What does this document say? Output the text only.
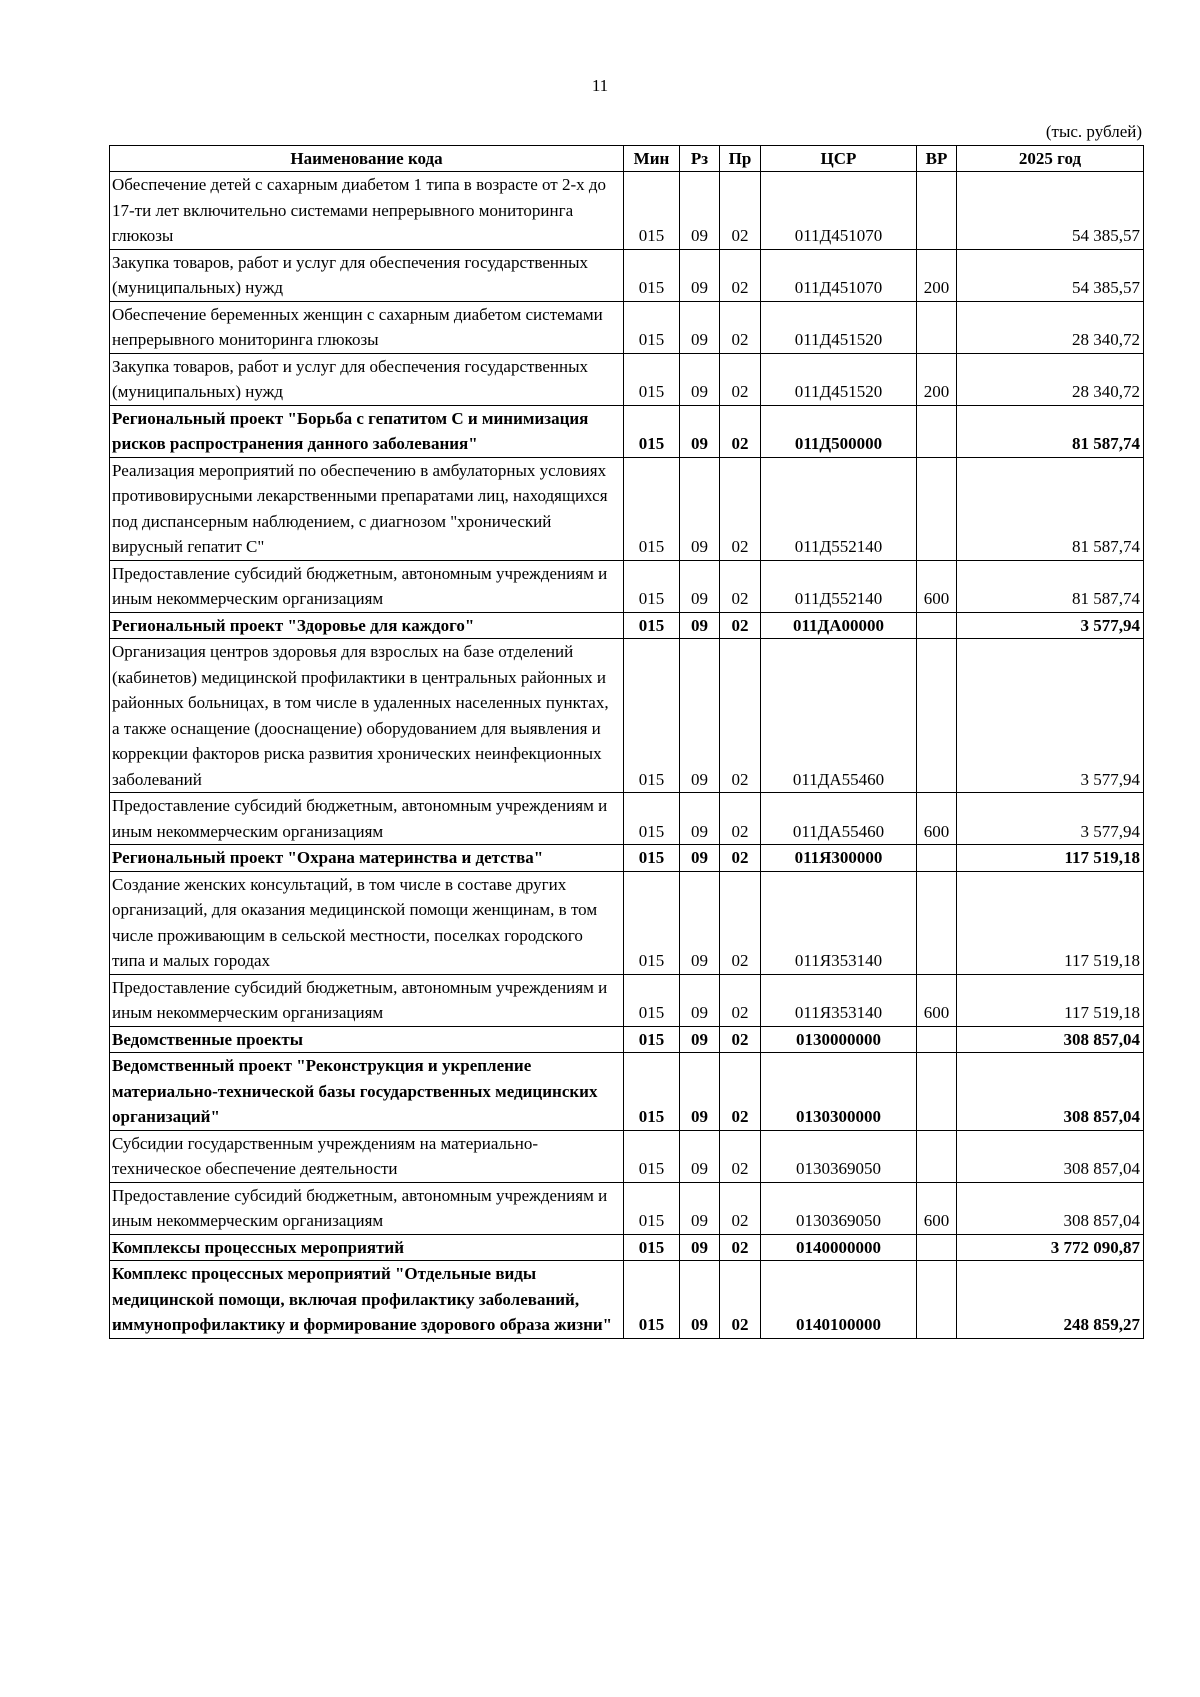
11
(тыс. рублей)
Наименование кода	Мин	Рз	Пр	ЦСР	ВР	2025 год
Обеспечение детей с сахарным диабетом 1 типа в возрасте от 2-х до 17-ти лет включительно системами непрерывного мониторинга глюкозы	015	09	02	011Д451070		54 385,57
Закупка товаров, работ и услуг для обеспечения государственных (муниципальных) нужд	015	09	02	011Д451070	200	54 385,57
Обеспечение беременных женщин с сахарным диабетом системами непрерывного мониторинга глюкозы	015	09	02	011Д451520		28 340,72
Закупка товаров, работ и услуг для обеспечения государственных (муниципальных) нужд	015	09	02	011Д451520	200	28 340,72
Региональный проект "Борьба с гепатитом С и минимизация рисков распространения данного заболевания"	015	09	02	011Д500000		81 587,74
Реализация мероприятий по обеспечению в амбулаторных условиях противовирусными лекарственными препаратами лиц, находящихся под диспансерным наблюдением, с диагнозом "хронический вирусный гепатит С"	015	09	02	011Д552140		81 587,74
Предоставление субсидий бюджетным, автономным учреждениям и иным некоммерческим организациям	015	09	02	011Д552140	600	81 587,74
Региональный проект "Здоровье для каждого"	015	09	02	011ДА00000		3 577,94
Организация центров здоровья для взрослых на базе отделений (кабинетов) медицинской профилактики в центральных районных и районных больницах, в том числе в удаленных населенных пунктах, а также оснащение (дооснащение) оборудованием для выявления и коррекции факторов риска развития хронических неинфекционных заболеваний	015	09	02	011ДА55460		3 577,94
Предоставление субсидий бюджетным, автономным учреждениям и иным некоммерческим организациям	015	09	02	011ДА55460	600	3 577,94
Региональный проект "Охрана материнства и детства"	015	09	02	011Я300000		117 519,18
Создание женских консультаций, в том числе в составе других организаций, для оказания медицинской помощи женщинам, в том числе проживающим в сельской местности, поселках городского типа и малых городах	015	09	02	011Я353140		117 519,18
Предоставление субсидий бюджетным, автономным учреждениям и иным некоммерческим организациям	015	09	02	011Я353140	600	117 519,18
Ведомственные проекты	015	09	02	0130000000		308 857,04
Ведомственный проект "Реконструкция и укрепление материально-технической базы государственных медицинских организаций"	015	09	02	0130300000		308 857,04
Субсидии государственным учреждениям на материально-техническое обеспечение деятельности	015	09	02	0130369050		308 857,04
Предоставление субсидий бюджетным, автономным учреждениям и иным некоммерческим организациям	015	09	02	0130369050	600	308 857,04
Комплексы процессных мероприятий	015	09	02	0140000000		3 772 090,87
Комплекс процессных мероприятий "Отдельные виды медицинской помощи, включая профилактику заболеваний, иммунопрофилактику и формирование здорового образа жизни"	015	09	02	0140100000		248 859,27
